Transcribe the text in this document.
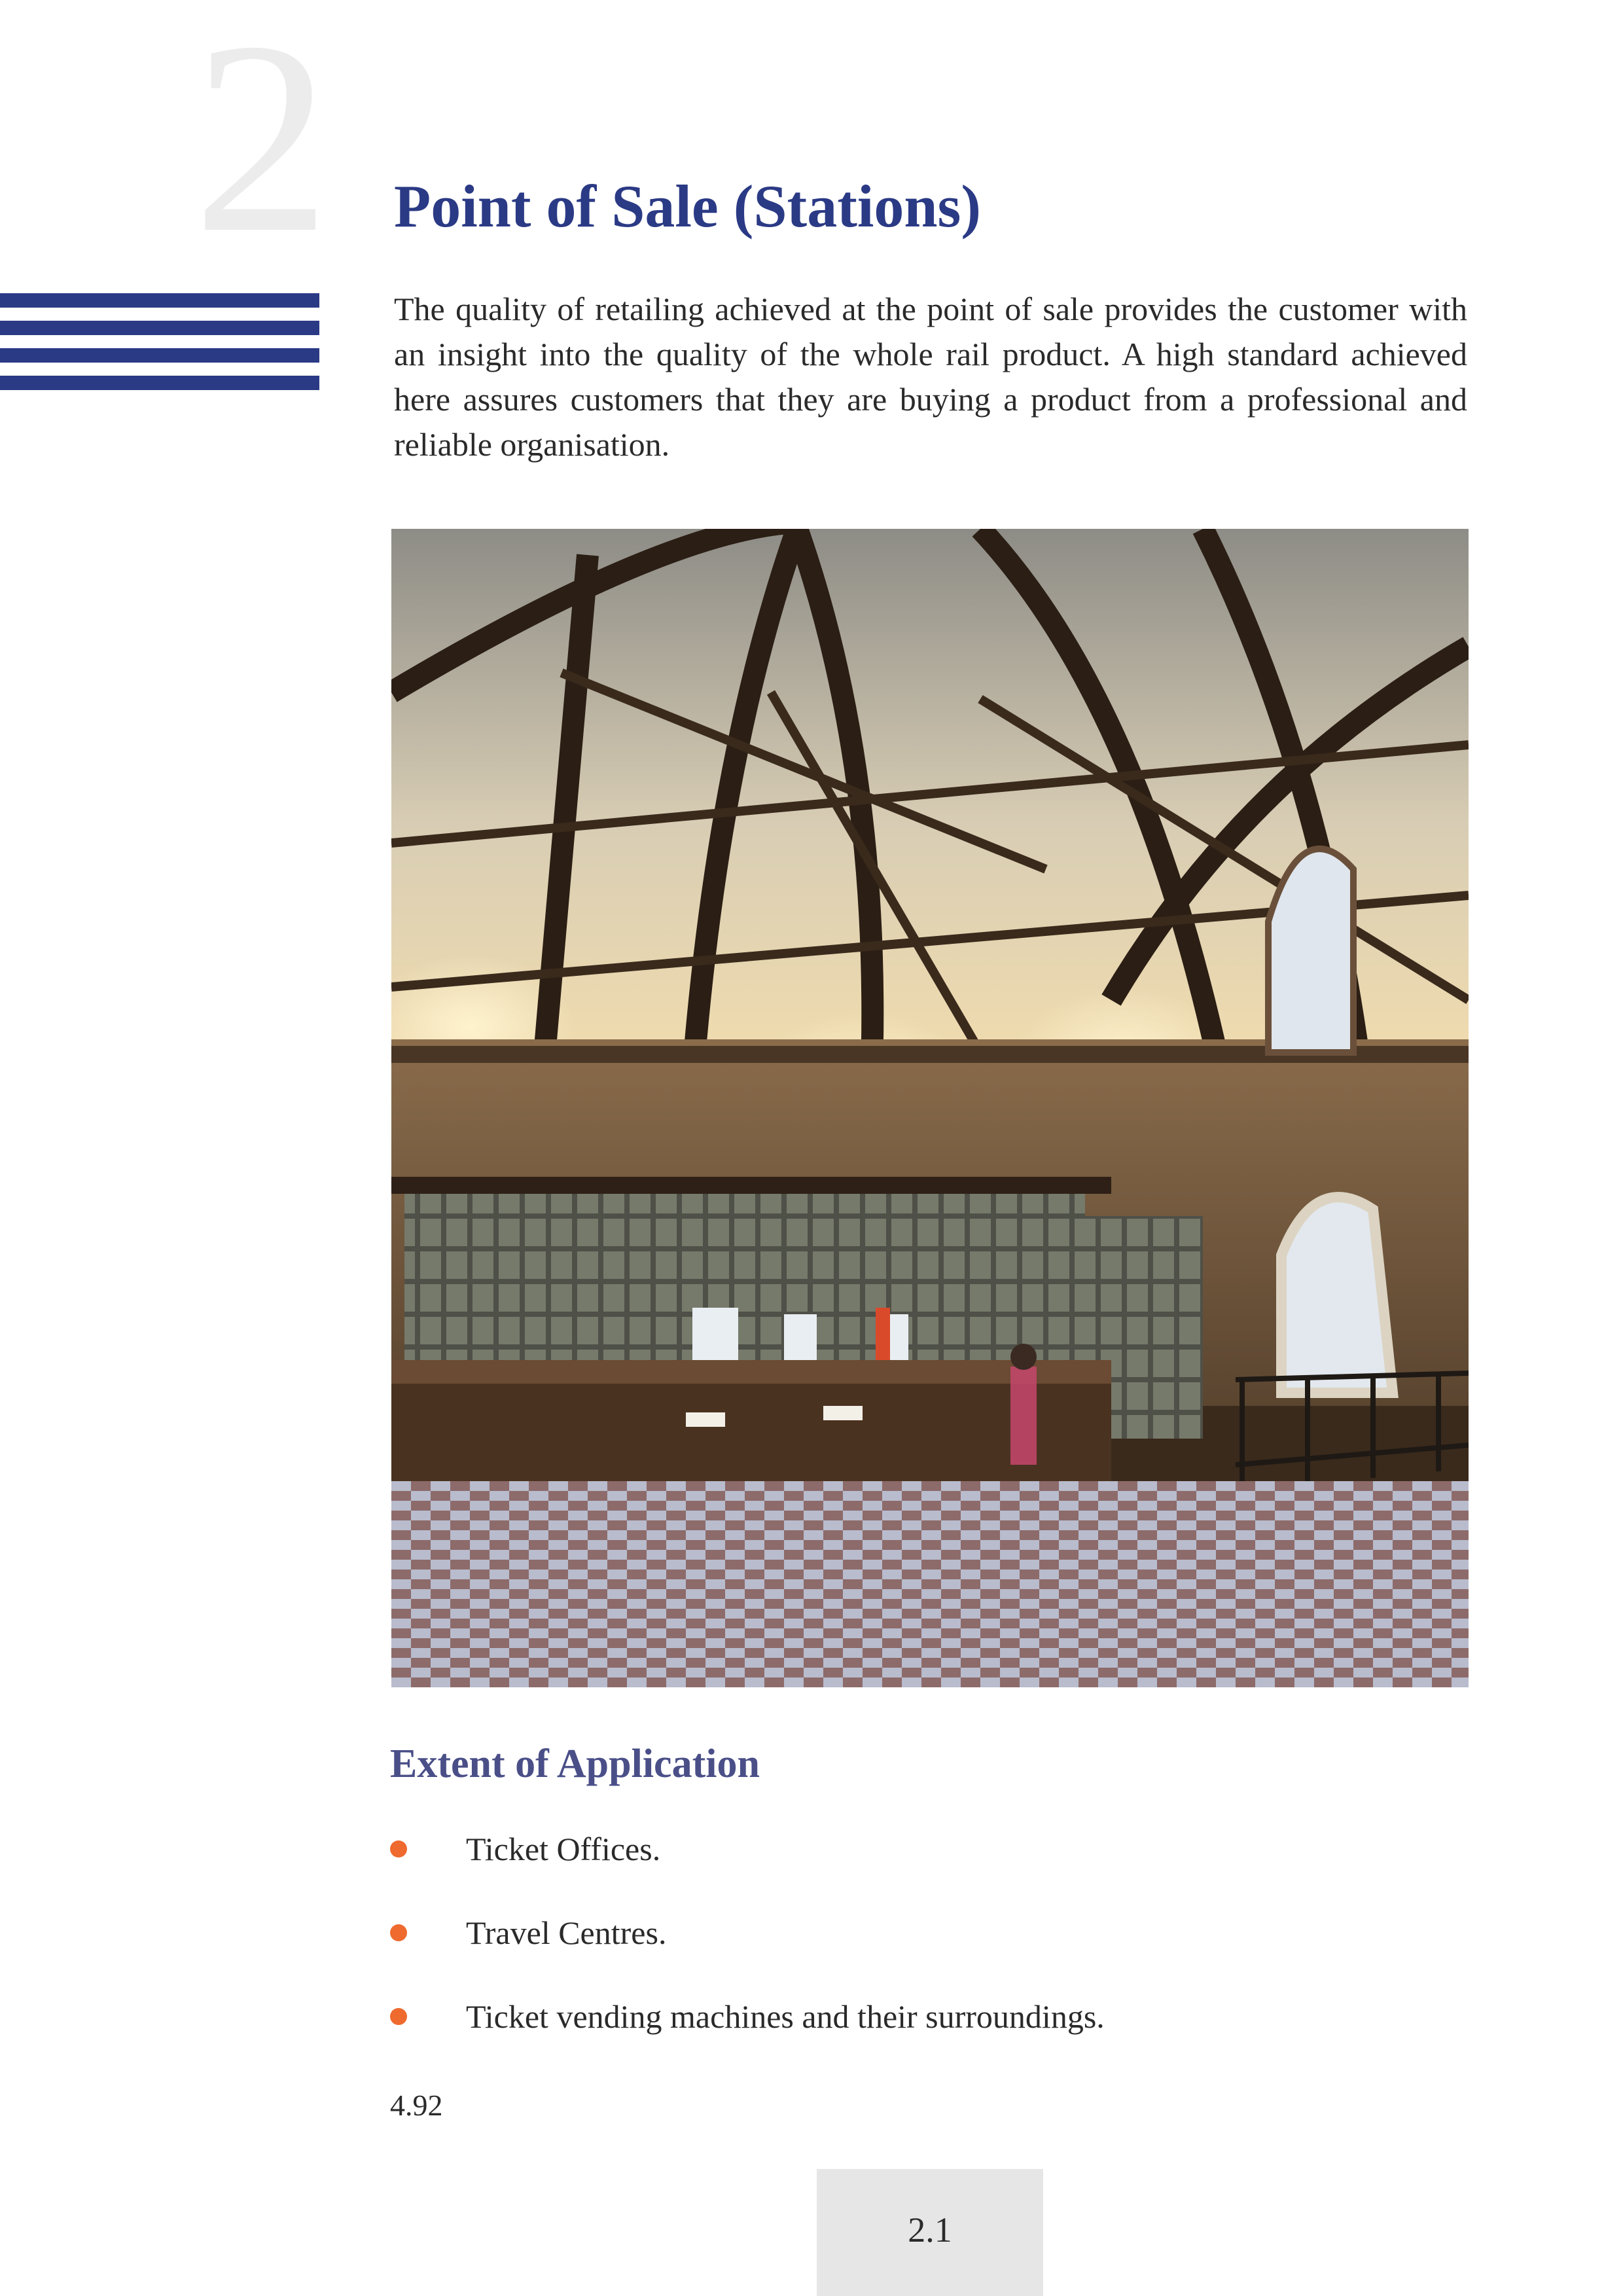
2 Point of Sale (Stations)

The quality of retailing achieved at the point of sale provides the customer with an insight into the quality of the whole rail product. A high standard achieved here assures customers that they are buying a product from a professional and reliable organisation.

Extent of Application
Ticket Offices.
Travel Centres.
Ticket vending machines and their surroundings.
4.92
2.1
